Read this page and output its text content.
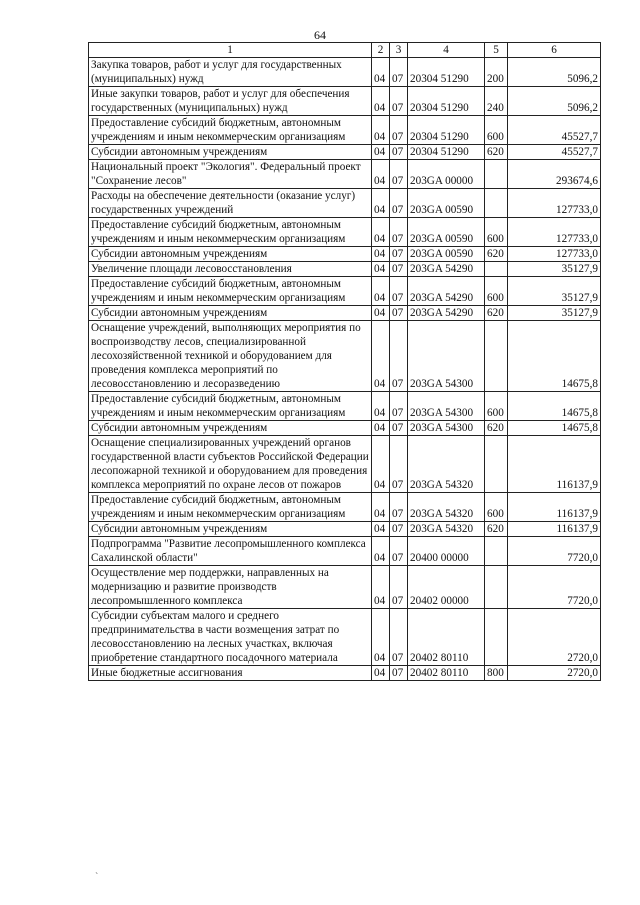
64
1	2	3	4	5	6
Закупка товаров, работ и услуг для государственных (муниципальных) нужд	04	07	20304 51290	200	5096,2
Иные закупки товаров, работ и услуг для обеспечения государственных (муниципальных) нужд	04	07	20304 51290	240	5096,2
Предоставление субсидий бюджетным, автономным учреждениям и иным некоммерческим организациям	04	07	20304 51290	600	45527,7
Субсидии автономным учреждениям	04	07	20304 51290	620	45527,7
Национальный проект "Экология". Федеральный проект "Сохранение лесов"	04	07	203GA 00000		293674,6
Расходы на обеспечение деятельности (оказание услуг) государственных учреждений	04	07	203GA 00590		127733,0
Предоставление субсидий бюджетным, автономным учреждениям и иным некоммерческим организациям	04	07	203GA 00590	600	127733,0
Субсидии автономным учреждениям	04	07	203GA 00590	620	127733,0
Увеличение площади лесовосстановления	04	07	203GA 54290		35127,9
Предоставление субсидий бюджетным, автономным учреждениям и иным некоммерческим организациям	04	07	203GA 54290	600	35127,9
Субсидии автономным учреждениям	04	07	203GA 54290	620	35127,9
Оснащение учреждений, выполняющих мероприятия по воспроизводству лесов, специализированной лесохозяйственной техникой и оборудованием для проведения комплекса мероприятий по лесовосстановлению и лесоразведению	04	07	203GA 54300		14675,8
Предоставление субсидий бюджетным, автономным учреждениям и иным некоммерческим организациям	04	07	203GA 54300	600	14675,8
Субсидии автономным учреждениям	04	07	203GA 54300	620	14675,8
Оснащение специализированных учреждений органов государственной власти субъектов Российской Федерации лесопожарной техникой и оборудованием для проведения комплекса мероприятий по охране лесов от пожаров	04	07	203GA 54320		116137,9
Предоставление субсидий бюджетным, автономным учреждениям и иным некоммерческим организациям	04	07	203GA 54320	600	116137,9
Субсидии автономным учреждениям	04	07	203GA 54320	620	116137,9
Подпрограмма "Развитие лесопромышленного комплекса Сахалинской области"	04	07	20400 00000		7720,0
Осуществление мер поддержки, направленных на модернизацию и развитие производств лесопромышленного комплекса	04	07	20402 00000		7720,0
Субсидии субъектам малого и среднего предпринимательства в части возмещения затрат по лесовосстановлению на лесных участках, включая приобретение стандартного посадочного материала	04	07	20402 80110		2720,0
Иные бюджетные ассигнования	04	07	20402 80110	800	2720,0
`
